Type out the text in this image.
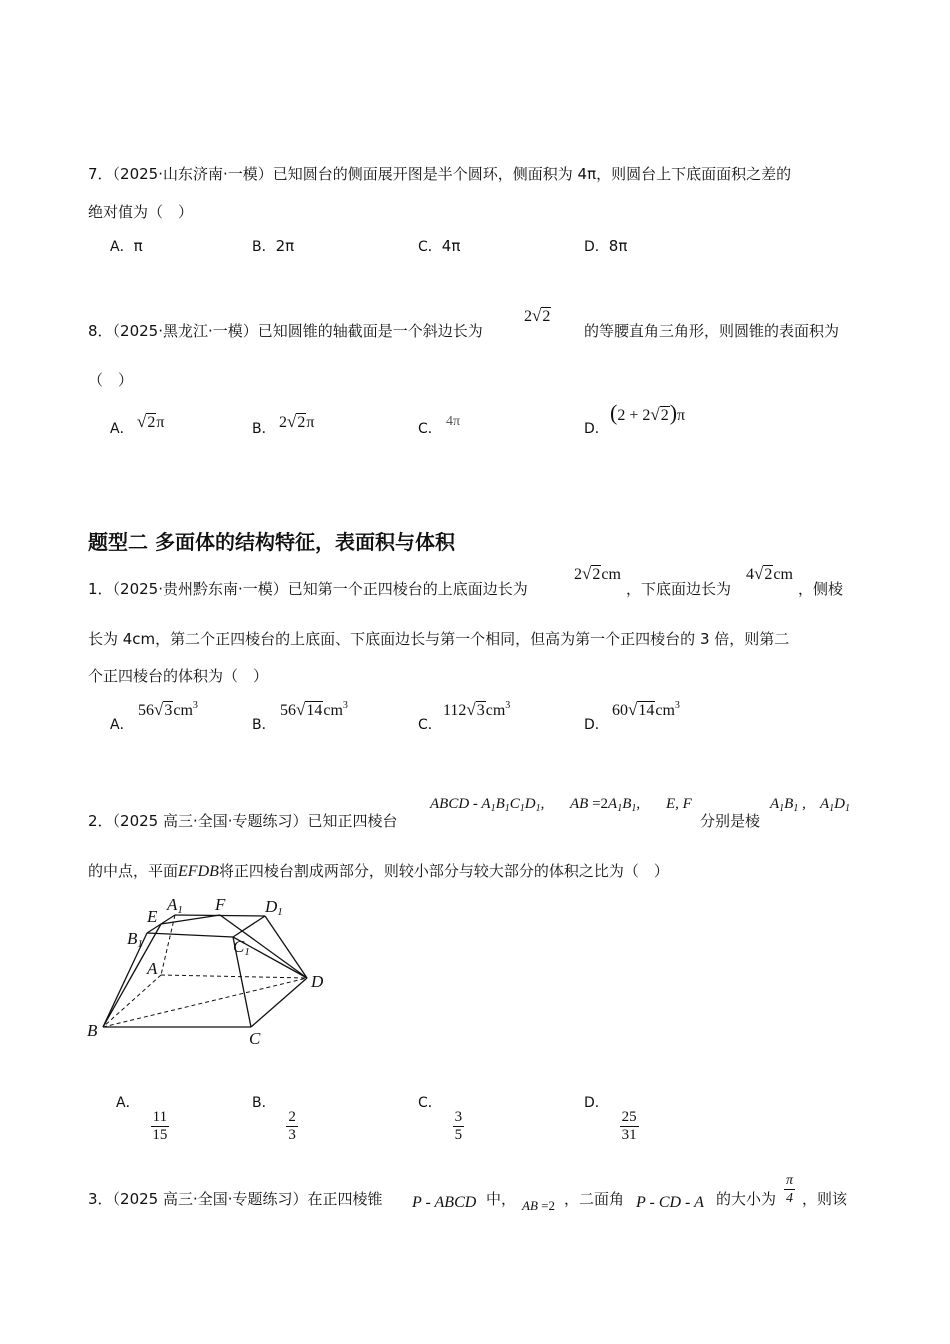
7．（2025·山东济南·一模）已知圆台的侧面展开图是半个圆环，侧面积为 4π，则圆台上下底面面积之差的
绝对值为（　）
A．π	B．2π	C．4π	D．8π
8．（2025·黑龙江·一模）已知圆锥的轴截面是一个斜边长为
2√2
的等腰直角三角形，则圆锥的表面积为
（　）
A． √2π	B． 2√2π	C． 4π	D．
(2 + 2√2)π
题型二 多面体的结构特征，表面积与体积
1．（2025·贵州黔东南·一模）已知第一个正四棱台的上底面边长为
2√2cm
，下底面边长为
4√2cm
，侧棱
长为 4cm，第二个正四棱台的上底面、下底面边长与第一个相同，但高为第一个正四棱台的 3 倍，则第二
个正四棱台的体积为（　）
A．
$56√3cm^3$
B．
$56√14cm^3$
C．
$112√3cm^3$
D．
$60√14cm^3$
2．（2025 高三·全国·专题练习）已知正四棱台
ABCD - $A_1B_1C_1D_1$, AB $=2A_1B_1$, E, F
分别是棱
$A_1B_1$ , $A_1D_1$
的中点，平面EFDB将正四棱台割成两部分，则较小部分与较大部分的体积之比为（　）
A1 F D1
E
B1	C1
A
D
B	C
A．
$\frac{11}{15}$
B．
$\frac{2}{3}$
C．
$\frac{3}{5}$
D．
$\frac{25}{31}$
3．（2025 高三·全国·专题练习）在正四棱锥 P - ABCD 中， AB =2 ，二面角 P - CD - A 的大小为 $\frac{\pi}{4}$ ，则该
